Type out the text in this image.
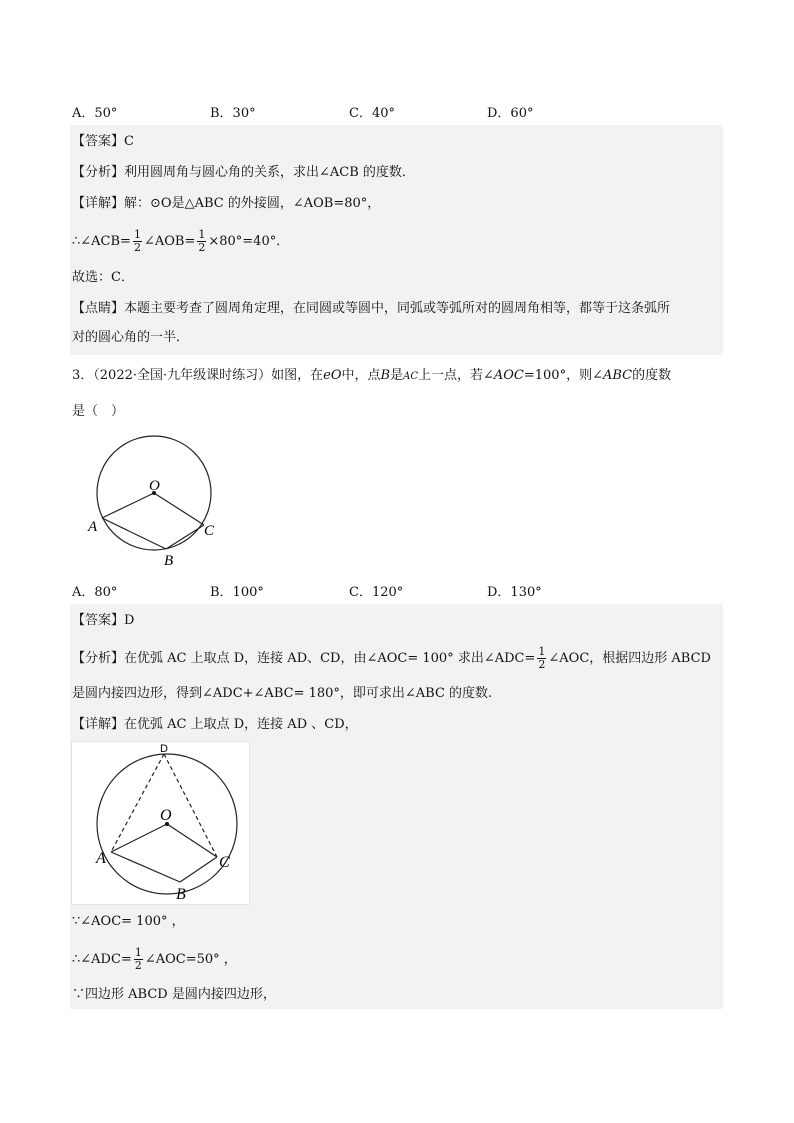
A．50°	B．30°	C．40°	D．60°
【答案】C
【分析】利用圆周角与圆心角的关系，求出∠ACB 的度数．
【详解】解：⊙O是△ABC 的外接圆，∠AOB=80°，
∴∠ACB= $\frac{1}{2}$ ∠AOB= $\frac{1}{2} \times 80^\circ=40^\circ$．
故选：C．
【点睛】本题主要考查了圆周角定理，在同圆或等圆中，同弧或等弧所对的圆周角相等，都等于这条弧所
对的圆心角的一半．
3．（2022·全国·九年级课时练习）如图，在eO中，点B是AC上一点，若∠AOC=100°，则∠ABC的度数
是（　）
O
A
B
C
A．80°	B．100°	C．120°	D．130°
【答案】D
【分析】在优弧 AC 上取点 D，连接 AD、CD，由∠AOC= 100° 求出∠ADC= $\frac{1}{2}$ ∠AOC，根据四边形 ABCD
是圆内接四边形，得到∠ADC+∠ABC= 180°，即可求出∠ABC 的度数.
【详解】在优弧 AC 上取点 D，连接 AD 、CD，
D
O
A
B
C
∵∠AOC= 100° ，
∴∠ADC= $\frac{1}{2}$ ∠AOC=50° ，
∵四边形 ABCD 是圆内接四边形，
